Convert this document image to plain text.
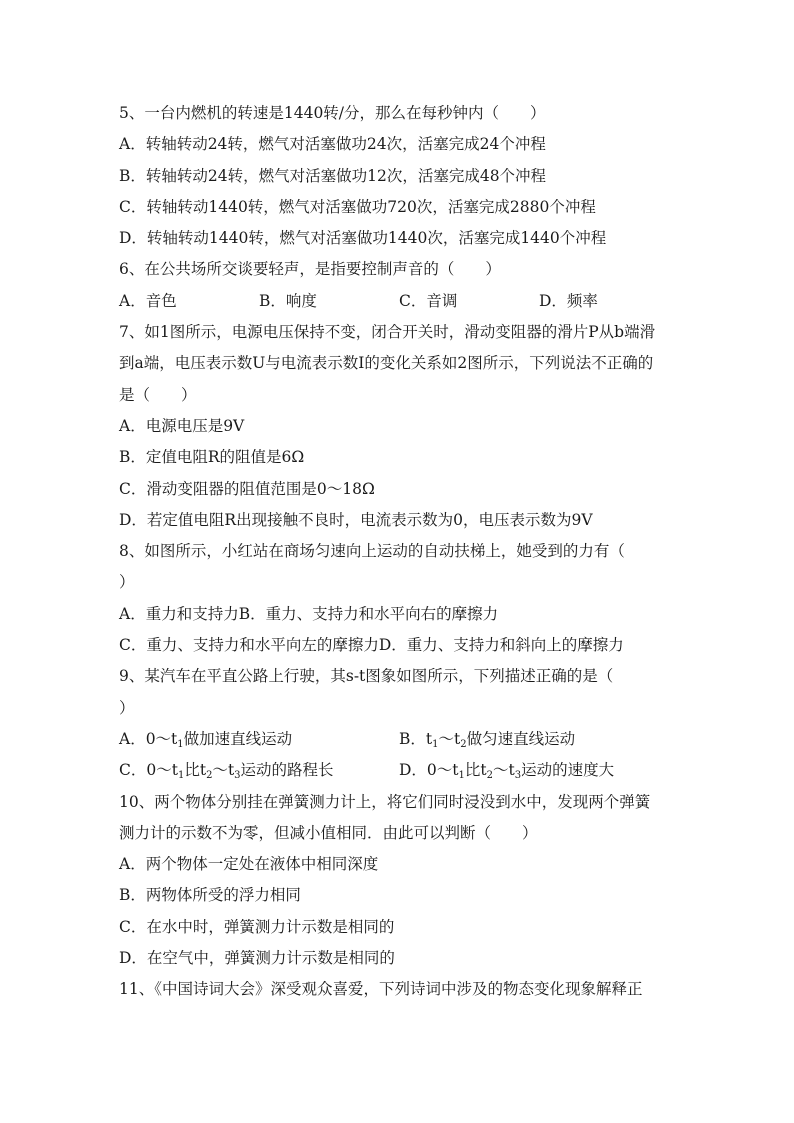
5、一台内燃机的转速是1440转/分，那么在每秒钟内（　　）
A．转轴转动24转，燃气对活塞做功24次，活塞完成24个冲程
B．转轴转动24转，燃气对活塞做功12次，活塞完成48个冲程
C．转轴转动1440转，燃气对活塞做功720次，活塞完成2880个冲程
D．转轴转动1440转，燃气对活塞做功1440次，活塞完成1440个冲程
6、在公共场所交谈要轻声，是指要控制声音的（　　）
A．音色	B．响度	C．音调	D．频率
7、如1图所示，电源电压保持不变，闭合开关时，滑动变阻器的滑片P从b端滑
到a端，电压表示数U与电流表示数I的变化关系如2图所示，下列说法不正确的
是（　　）
A．电源电压是9V
B．定值电阻R的阻值是6Ω
C．滑动变阻器的阻值范围是0～18Ω
D．若定值电阻R出现接触不良时，电流表示数为0，电压表示数为9V
8、如图所示，小红站在商场匀速向上运动的自动扶梯上，她受到的力有（
）
A．重力和支持力B．重力、支持力和水平向右的摩擦力
C．重力、支持力和水平向左的摩擦力D．重力、支持力和斜向上的摩擦力
9、某汽车在平直公路上行驶，其s-t图象如图所示，下列描述正确的是（
）
A．$0\sim t_1$做加速直线运动	B．$t_1\sim t_2$做匀速直线运动
C．$0\sim t_1$比$t_2\sim t_3$运动的路程长	D．$0\sim t_1$比$t_2\sim t_3$运动的速度大
10、两个物体分别挂在弹簧测力计上，将它们同时浸没到水中，发现两个弹簧
测力计的示数不为零，但减小值相同．由此可以判断（　　）
A．两个物体一定处在液体中相同深度
B．两物体所受的浮力相同
C．在水中时，弹簧测力计示数是相同的
D．在空气中，弹簧测力计示数是相同的
11、《中国诗词大会》深受观众喜爱，下列诗词中涉及的物态变化现象解释正
